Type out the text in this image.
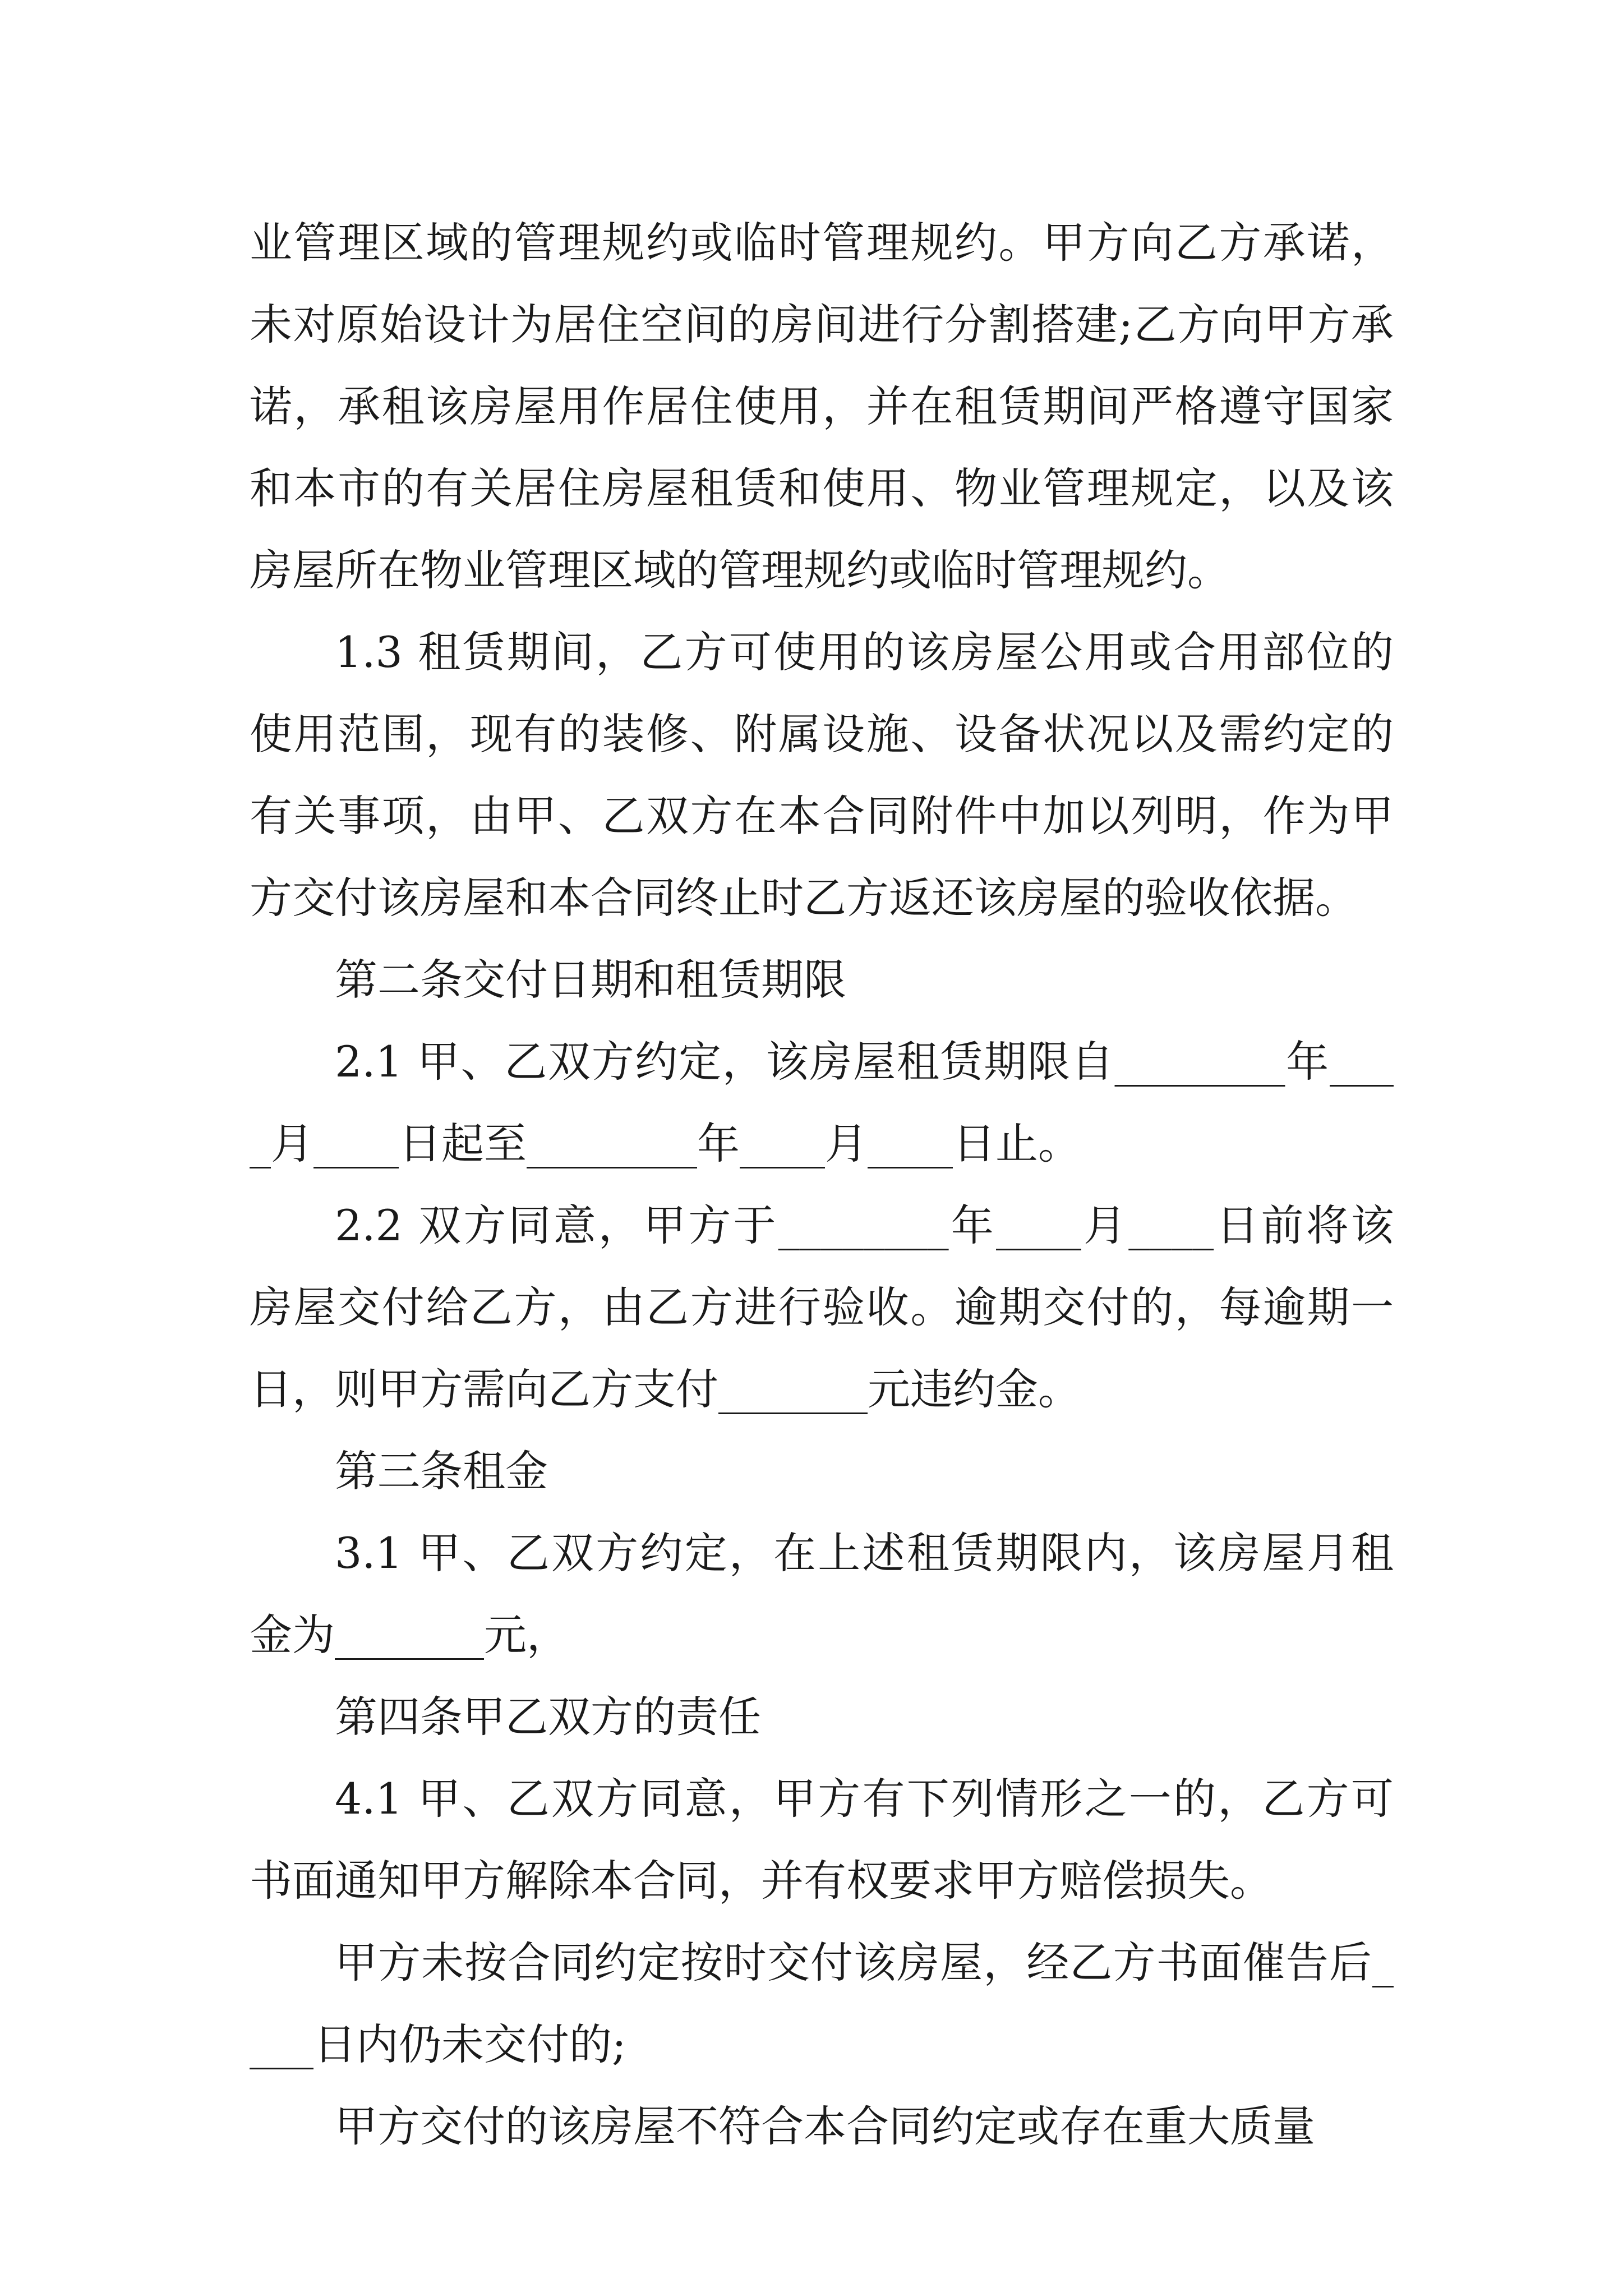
业管理区域的管理规约或临时管理规约。甲方向乙方承诺，未对原始设计为居住空间的房间进行分割搭建;乙方向甲方承诺，承租该房屋用作居住使用，并在租赁期间严格遵守国家和本市的有关居住房屋租赁和使用、物业管理规定，以及该房屋所在物业管理区域的管理规约或临时管理规约。

1.3 租赁期间，乙方可使用的该房屋公用或合用部位的使用范围，现有的装修、附属设施、设备状况以及需约定的有关事项，由甲、乙双方在本合同附件中加以列明，作为甲方交付该房屋和本合同终止时乙方返还该房屋的验收依据。

第二条交付日期和租赁期限

2.1 甲、乙双方约定，该房屋租赁期限自________年____月____日起至________年____月____日止。

2.2 双方同意，甲方于________年____月____日前将该房屋交付给乙方，由乙方进行验收。逾期交付的，每逾期一日，则甲方需向乙方支付_______元违约金。

第三条租金

3.1 甲、乙双方约定，在上述租赁期限内，该房屋月租金为_______元，

第四条甲乙双方的责任

4.1 甲、乙双方同意，甲方有下列情形之一的，乙方可书面通知甲方解除本合同，并有权要求甲方赔偿损失。

甲方未按合同约定按时交付该房屋，经乙方书面催告后____日内仍未交付的;

甲方交付的该房屋不符合本合同约定或存在重大质量
